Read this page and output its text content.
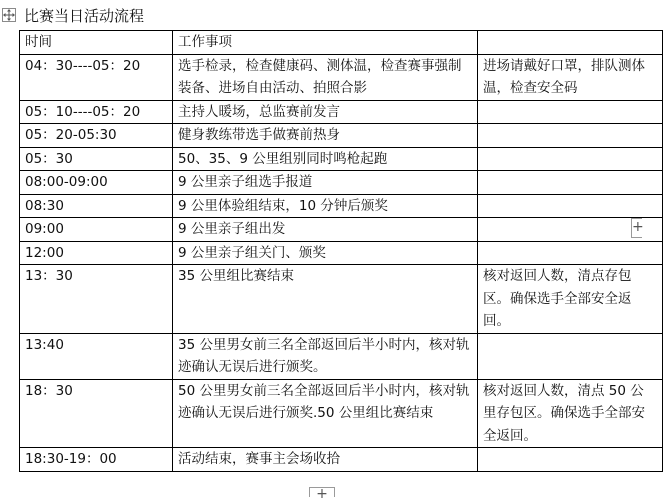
比赛当日活动流程
时间	工作事项	
04：30----05：20	选手检录，检查健康码、测体温，检查赛事强制装备、进场自由活动、拍照合影	进场请戴好口罩，排队测体温，检查安全码
05：10----05：20	主持人暖场，总监赛前发言	
05：20-05:30	健身教练带选手做赛前热身	
05：30	50、35、9 公里组别同时鸣枪起跑	
08:00-09:00	9 公里亲子组选手报道	
08:30	9 公里体验组结束，10 分钟后颁奖	
09:00	9 公里亲子组出发	
12:00	9 公里亲子组关门、颁奖	
13：30	35 公里组比赛结束	核对返回人数，清点存包区。确保选手全部安全返回。
13:40	35 公里男女前三名全部返回后半小时内，核对轨迹确认无误后进行颁奖。	
18：30	50 公里男女前三名全部返回后半小时内，核对轨迹确认无误后进行颁奖.50 公里组比赛结束	核对返回人数，清点 50 公里存包区。确保选手全部安全返回。
18:30-19：00	活动结束，赛事主会场收拾	
+
+
